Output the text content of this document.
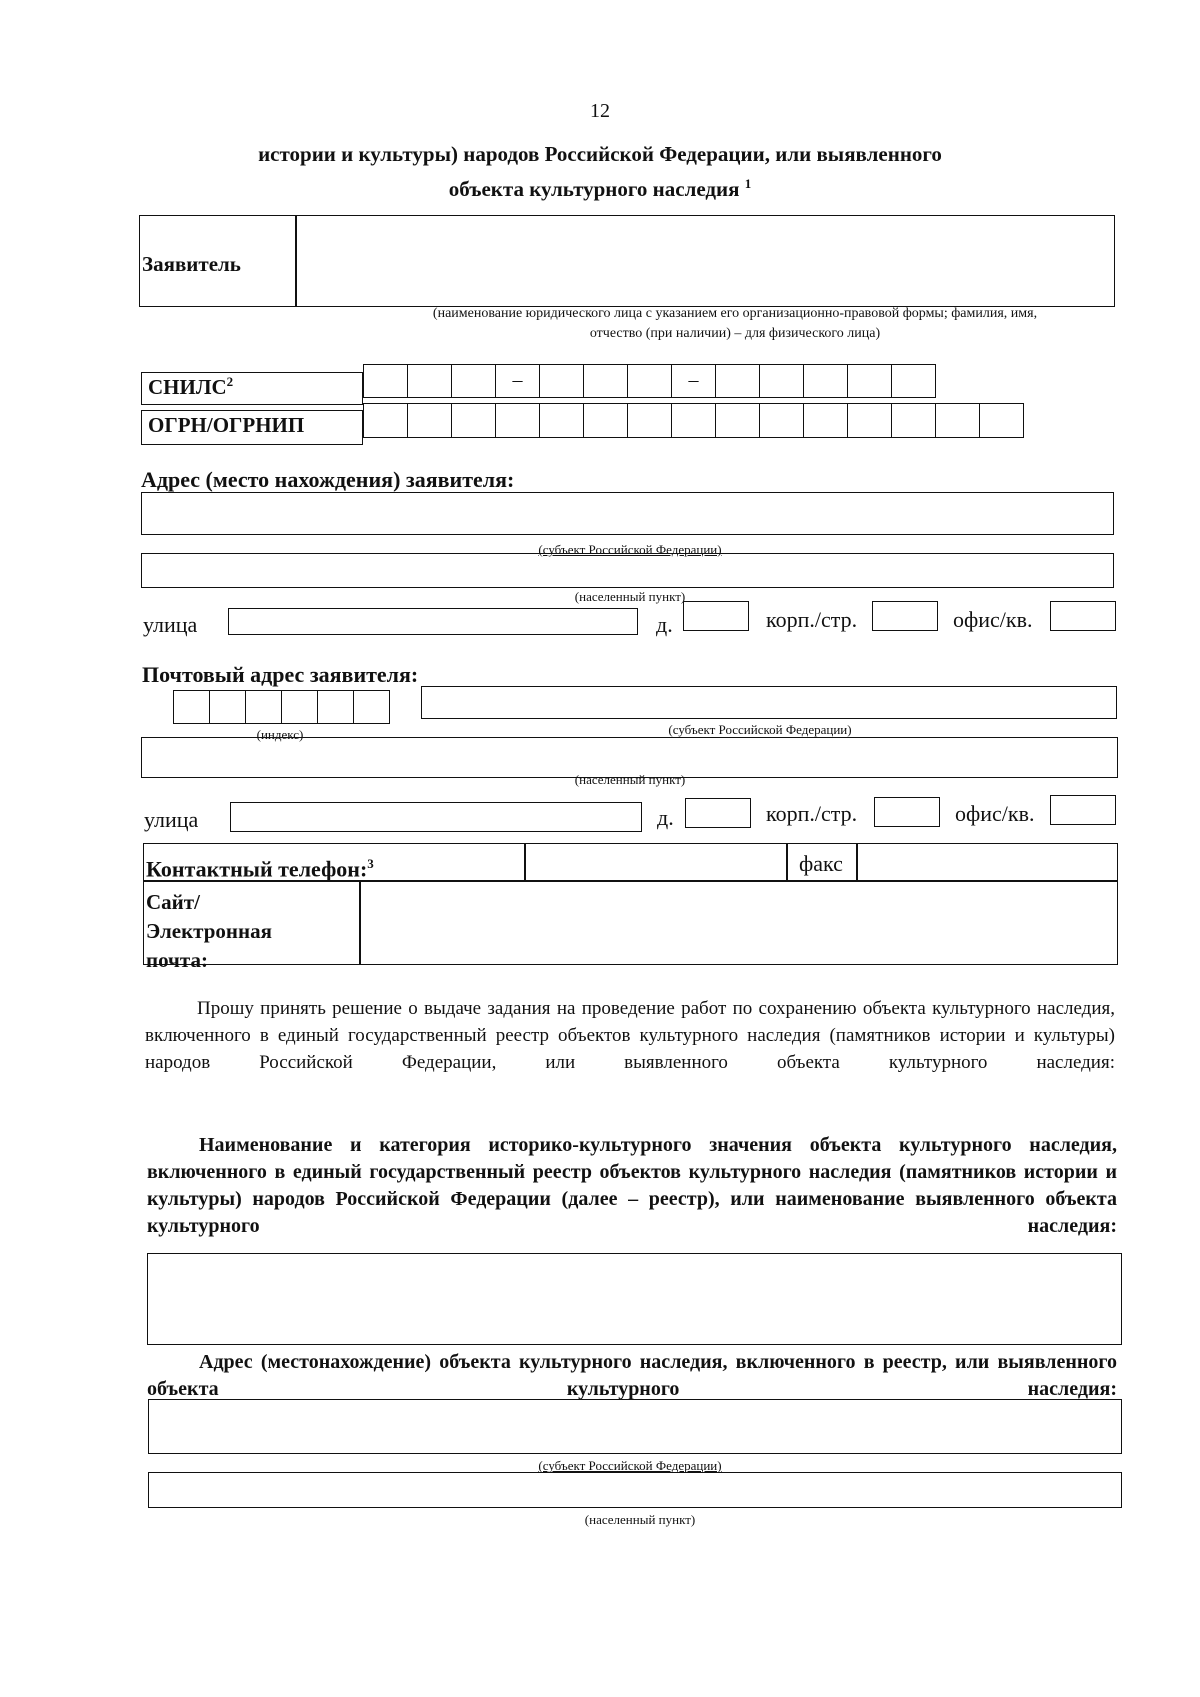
12
истории и культуры) народов Российской Федерации, или выявленного
объекта культурного наследия $^1$
Заявитель
(наименование юридического лица с указанием его организационно-правовой формы; фамилия, имя,
отчество (при наличии) – для физического лица)
СНИЛС$^2$	–	–
ОГРН/ОГРНИП
Адрес (место нахождения) заявителя:
(субъект Российской Федерации)
(населенный пункт)
улица	д.	корп./стр.	офис/кв.
Почтовый адрес заявителя:
(индекс)	(субъект Российской Федерации)
(населенный пункт)
улица	д.	корп./стр.	офис/кв.
Контактный телефон:$^3$	факс
Сайт/
Электронная
почта:
Прошу принять решение о выдаче задания на проведение работ по сохранению объекта культурного наследия, включенного в единый государственный реестр объектов культурного наследия (памятников истории и культуры) народов Российской Федерации, или выявленного объекта культурного наследия:
Наименование и категория историко-культурного значения объекта культурного наследия, включенного в единый государственный реестр объектов культурного наследия (памятников истории и культуры) народов Российской Федерации (далее – реестр), или наименование выявленного объекта культурного наследия:
Адрес (местонахождение) объекта культурного наследия, включенного в реестр, или выявленного объекта культурного наследия:
(субъект Российской Федерации)
(населенный пункт)
